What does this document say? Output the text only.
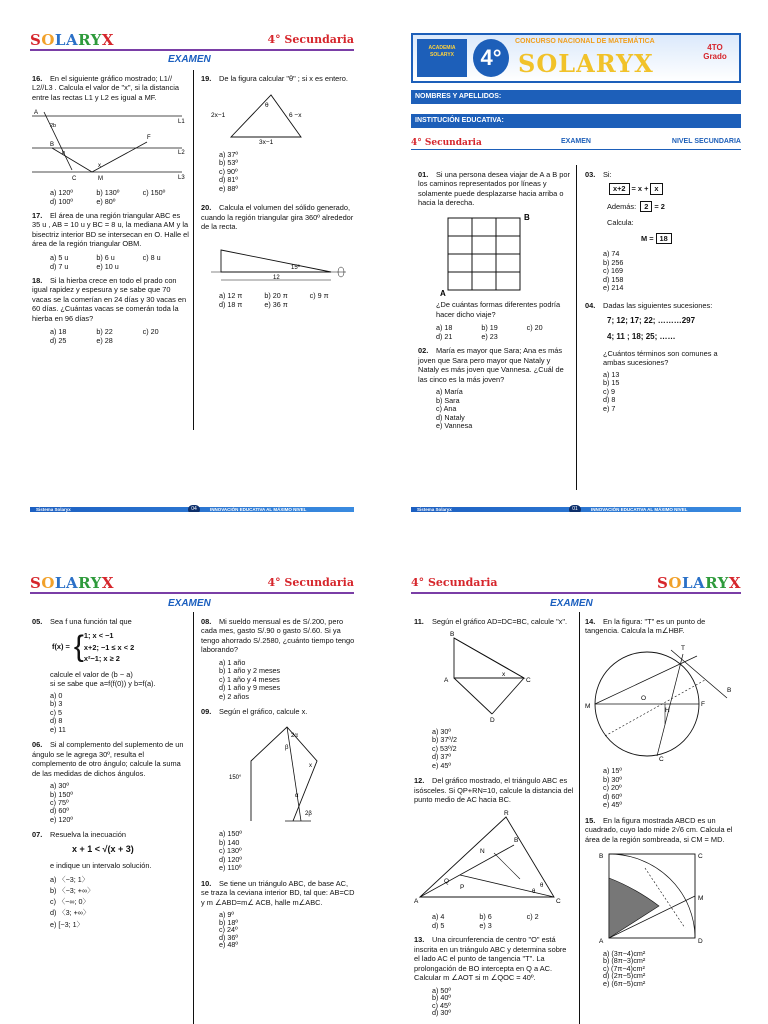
SOLARYX	4° Secundaria
EXAMEN
16. En el siguiente gráfico mostrado; L1// L2//L3 . Calcula el valor de "x", si la distancia entre las rectas L1 y L2 es igual a MF.
A
L1
2b
F
L2
B
b
x
C	M	L3
a) 120º	b) 130º	c) 150º
d) 100º	e) 80º
17. El área de una región triangular ABC es 35 u , AB = 10 u y BC = 8 u, la mediana AM y la bisectriz interior BD se intersecan en O. Halle el área de la región triangular OBM.
a) 5 u	b) 6 u	c) 8 u
d) 7 u	e) 10 u
18. Si la hierba crece en todo el prado con igual rapidez y espesura y se sabe que 70 vacas se la comerían en 24 días y 30 vacas en 60 días. ¿Cuántas vacas se comerán toda la hierba en 96 días?
a) 18	b) 22	c) 20
d) 25	e) 28
19. De la figura calcular "θ" ; si x es entero.
θ
2x−1	6 −x
3x−1
a) 37º
b) 53º
c) 90º
d) 81º
e) 88º
20. Calcula el volumen del sólido generado, cuando la región triangular gira 360º alrededor de la recta.
15º
12
a) 12 π	b) 20 π	c) 9 π
d) 18 π	e) 36 π
Sistema Solaryx	04	INNOVACIÓN EDUCATIVA AL MÁXIMO NIVEL
ACADEMIA SOLARYX	4°
CONCURSO NACIONAL DE MATEMÁTICA
SOLARYX
4TO Grado
NOMBRES Y APELLIDOS:
INSTITUCIÓN EDUCATIVA:
4° Secundaria	EXAMEN	NIVEL SECUNDARIA
01. Si una persona desea viajar de A a B por los caminos representados por líneas y solamente puede desplazarse hacia arriba o hacia la derecha.
A
B
¿De cuántas formas diferentes podría hacer dicho viaje?
a) 18	b) 19	c) 20
d) 21	e) 23
02. María es mayor que Sara; Ana es más joven que Sara pero mayor que Nataly y Nataly es más joven que Vannesa. ¿Cuál de las cinco es la más joven?
a) María
b) Sara
c) Ana
d) Nataly
e) Vannesa
03. Si:
x+2 = x + x
Además: 2 = 2
Calcula:
M = 18
a) 74
b) 256
c) 169
d) 158
e) 214
04. Dadas las siguientes sucesiones:
7; 12; 17; 22; ………297
4; 11 ; 18; 25; ……
¿Cuántos términos son comunes a ambas sucesiones?
a) 13
b) 15
c) 9
d) 8
e) 7
Sistema Solaryx	01	INNOVACIÓN EDUCATIVA AL MÁXIMO NIVEL
SOLARYX	4° Secundaria
EXAMEN
05. Sea f una función tal que
f(x) = { 1; x < −1
x+2; −1 ≤ x < 2
x²−1; x ≥ 2
calcule el valor de (b − a)
si se sabe que a=f(f(0)) y b=f(a).
a) 0
b) 3
c) 5
d) 8
e) 11
06. Si al complemento del suplemento de un ángulo se le agrega 30º, resulta el complemento de otro ángulo; calcule la suma de las medidas de dichos ángulos.
a) 30º
b) 150º
c) 75º
d) 60º
e) 120º
07. Resuelva la inecuación
x + 1 < √(x + 3)
e indique un intervalo solución.
a) 〈−3; 1〉
b) 〈−3; +∞〉
c) 〈−∞; 0〉
d) 〈3; +∞〉
e) [−3; 1〉
08. Mi sueldo mensual es de S/.200, pero cada mes, gasto S/.90 o gasto S/.60. Si ya tengo ahorrado S/.2580, ¿cuánto tiempo tengo laborando?
a) 1 año
b) 1 año y 2 meses
c) 1 año y 4 meses
d) 1 año y 9 meses
e) 2 años
09. Según el gráfico, calcule x.
2α
β
x
150°
α
2β
a) 150º
b) 140
c) 130º
d) 120º
e) 110º
10. Se tiene un triángulo ABC, de base AC, se traza la ceviana interior BD, tal que: AB=CD y m ∠ABD=m∠ ACB, halle m∠ABC.
a) 9º
b) 18º
c) 24º
d) 36º
e) 48º
4° Secundaria	SOLARYX
EXAMEN
11. Según el gráfico AD=DC=BC, calcule "x".
B
x
C
A
D
a) 30º
b) 37º/2
c) 53º/2
d) 37º
e) 45º
12. Del gráfico mostrado, el triángulo ABC es isósceles. Si QP+RN=10, calcule la distancia del punto medio de AC hacia BC.
R
N
B
Q
P
A	C
θ
θ
a) 4	b) 6	c) 2
d) 5	e) 3
13. Una circunferencia de centro "O" está inscrita en un triángulo ABC y determina sobre el lado AC el punto de tangencia "T". La prolongación de BO intercepta en Q a AC. Calcular m ∠AOT si m ∠QOC = 40º.
a) 50º
b) 40º
c) 45º
d) 30º
14. En la figura: "T" es un punto de tangencia. Calcula la m∠HBF.
T
B
O
M
H
F
C
a) 15º
b) 30º
c) 20º
d) 60º
e) 45º
15. En la figura mostrada ABCD es un cuadrado, cuyo lado mide 2√6 cm. Calcula el área de la región sombreada, si CM = MD.
B	C
M
A	D
a) (3π−4)cm²
b) (8π−3)cm²
c) (7π−4)cm²
d) (2π−5)cm²
e) (6π−5)cm²
